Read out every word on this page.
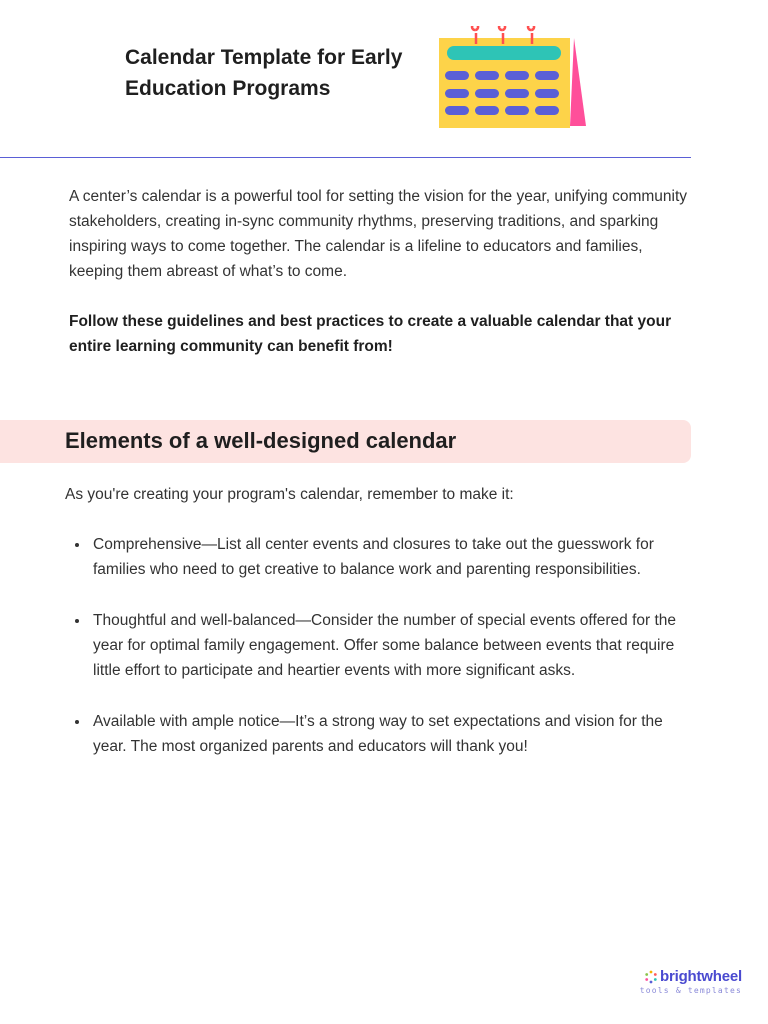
Calendar Template for Early
Education Programs

A center’s calendar is a powerful tool for setting the vision for the year, unifying community stakeholders, creating in-sync community rhythms, preserving traditions, and sparking inspiring ways to come together. The calendar is a lifeline to educators and families, keeping them abreast of what’s to come.

Follow these guidelines and best practices to create a valuable calendar that your entire learning community can benefit from!

Elements of a well-designed calendar

As you're creating your program's calendar, remember to make it:

Comprehensive—List all center events and closures to take out the guesswork for families who need to get creative to balance work and parenting responsibilities.
Thoughtful and well-balanced—Consider the number of special events offered for the year for optimal family engagement. Offer some balance between events that require little effort to participate and heartier events with more significant asks.
Available with ample notice—It’s a strong way to set expectations and vision for the year. The most organized parents and educators will thank you!
brightwheel
tools & templates
